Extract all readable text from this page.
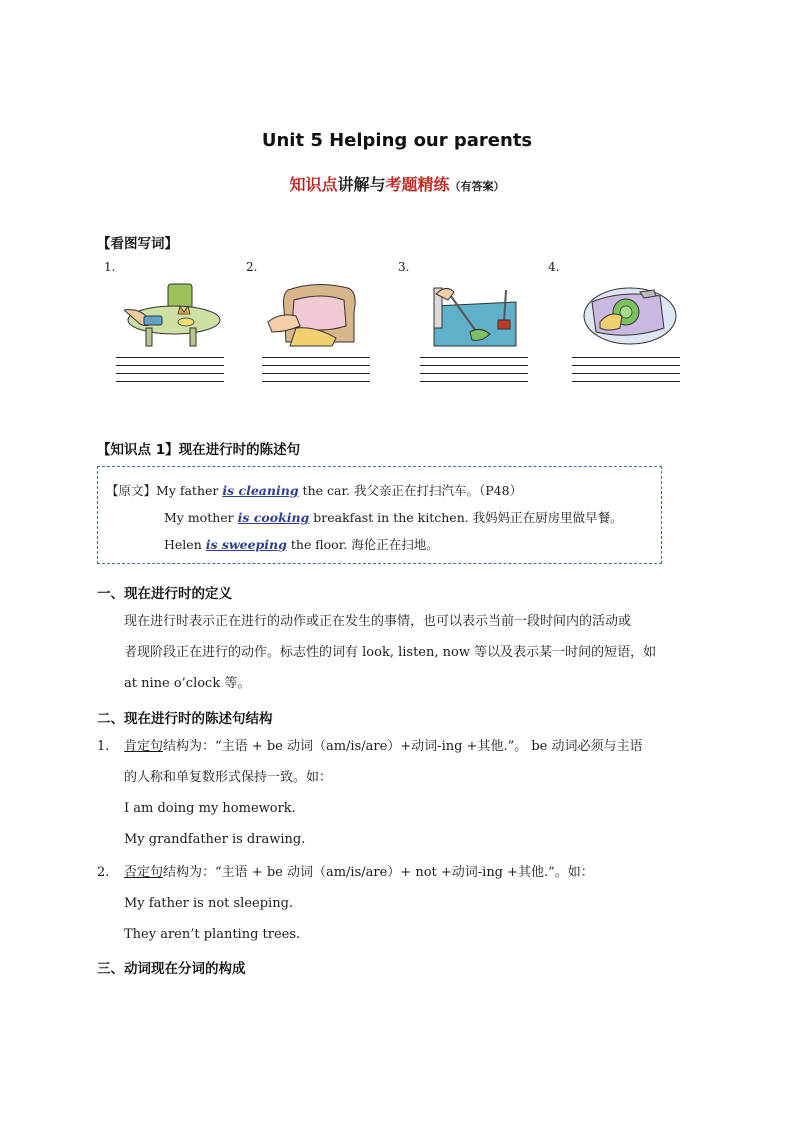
Unit 5 Helping our parents
知识点讲解与考题精练（有答案）
【看图写词】
1.	2.	3.	4.
【知识点 1】现在进行时的陈述句
【原文】My father is cleaning the car. 我父亲正在打扫汽车。（P48）
My mother is cooking breakfast in the kitchen. 我妈妈正在厨房里做早餐。
Helen is sweeping the floor. 海伦正在扫地。
一、现在进行时的定义
现在进行时表示正在进行的动作或正在发生的事情，也可以表示当前一段时间内的活动或
者现阶段正在进行的动作。标志性的词有 look, listen, now 等以及表示某一时间的短语，如
at nine o’clock 等。
二、现在进行时的陈述句结构
1. 肯定句结构为：“主语 + be 动词（am/is/are）+动词-ing +其他.”。 be 动词必须与主语
的人称和单复数形式保持一致。如：
I am doing my homework.
My grandfather is drawing.
2. 否定句结构为：“主语 + be 动词（am/is/are）+ not +动词-ing +其他.”。如：
My father is not sleeping.
They aren’t planting trees.
三、动词现在分词的构成
